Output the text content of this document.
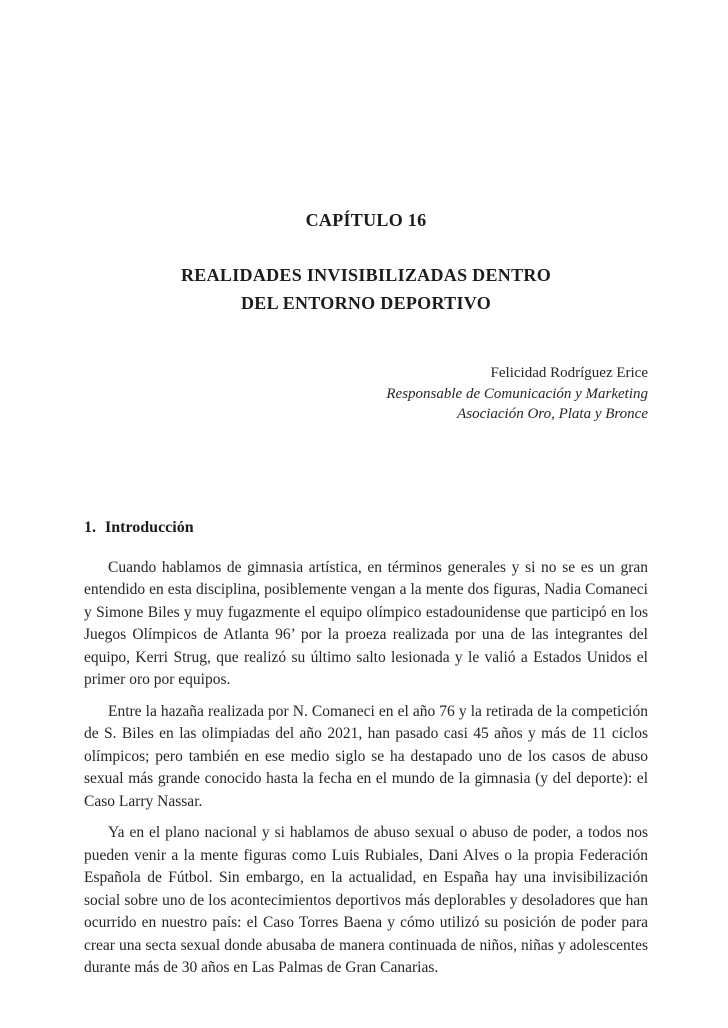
CAPÍTULO 16
REALIDADES INVISIBILIZADAS DENTRO
DEL ENTORNO DEPORTIVO
Felicidad Rodríguez Erice
Responsable de Comunicación y Marketing
Asociación Oro, Plata y Bronce
1. Introducción

Cuando hablamos de gimnasia artística, en términos generales y si no se es un gran entendido en esta disciplina, posiblemente vengan a la mente dos figuras, Nadia Comaneci y Simone Biles y muy fugazmente el equipo olímpico estadounidense que participó en los Juegos Olímpicos de Atlanta 96’ por la proeza realizada por una de las integrantes del equipo, Kerri Strug, que realizó su último salto lesionada y le valió a Estados Unidos el primer oro por equipos.

Entre la hazaña realizada por N. Comaneci en el año 76 y la retirada de la competición de S. Biles en las olimpiadas del año 2021, han pasado casi 45 años y más de 11 ciclos olímpicos; pero también en ese medio siglo se ha destapado uno de los casos de abuso sexual más grande conocido hasta la fecha en el mundo de la gimnasia (y del deporte): el Caso Larry Nassar.

Ya en el plano nacional y si hablamos de abuso sexual o abuso de poder, a todos nos pueden venir a la mente figuras como Luis Rubiales, Dani Alves o la propia Federación Española de Fútbol. Sin embargo, en la actualidad, en España hay una invisibilización social sobre uno de los acontecimientos deportivos más deplorables y desoladores que han ocurrido en nuestro país: el Caso Torres Baena y cómo utilizó su posición de poder para crear una secta sexual donde abusaba de manera continuada de niños, niñas y adolescentes durante más de 30 años en Las Palmas de Gran Canarias.
